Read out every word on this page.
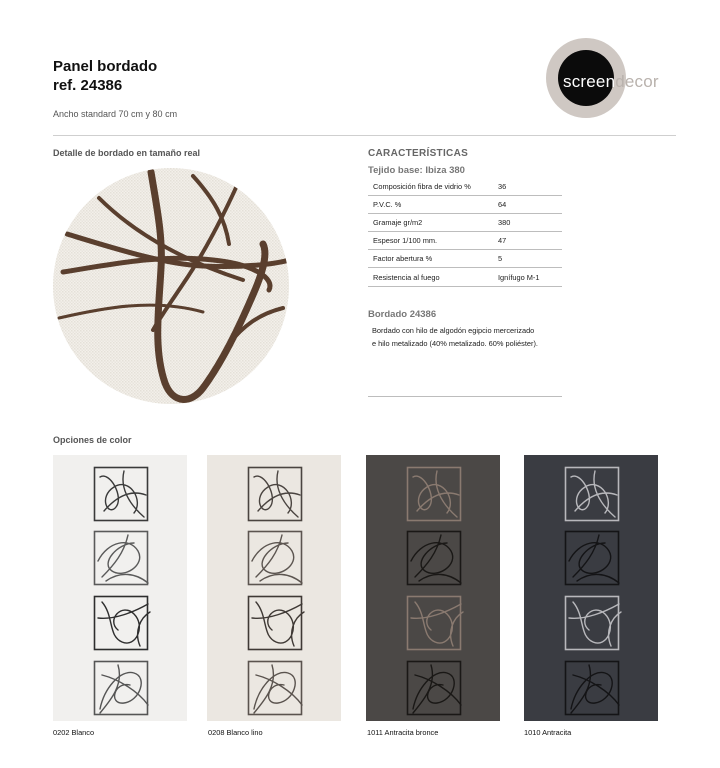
Panel bordado
ref. 24386
Ancho standard 70 cm y 80 cm
screendecor
Detalle de bordado en tamaño real	CARACTERÍSTICAS
Tejido base: Ibiza 380
Composición fibra de vidrio %	36
P.V.C. %	64
Gramaje gr/m2	380
Espesor 1/100 mm.	47
Factor abertura %	5
Resistencia al fuego	Ignífugo M-1
Bordado 24386
Bordado con hilo de algodón egipcio mercerizado
e hilo metalizado (40% metalizado. 60% poliéster).
Opciones de color
0202 Blanco	0208 Blanco lino	1011 Antracita bronce	1010 Antracita
